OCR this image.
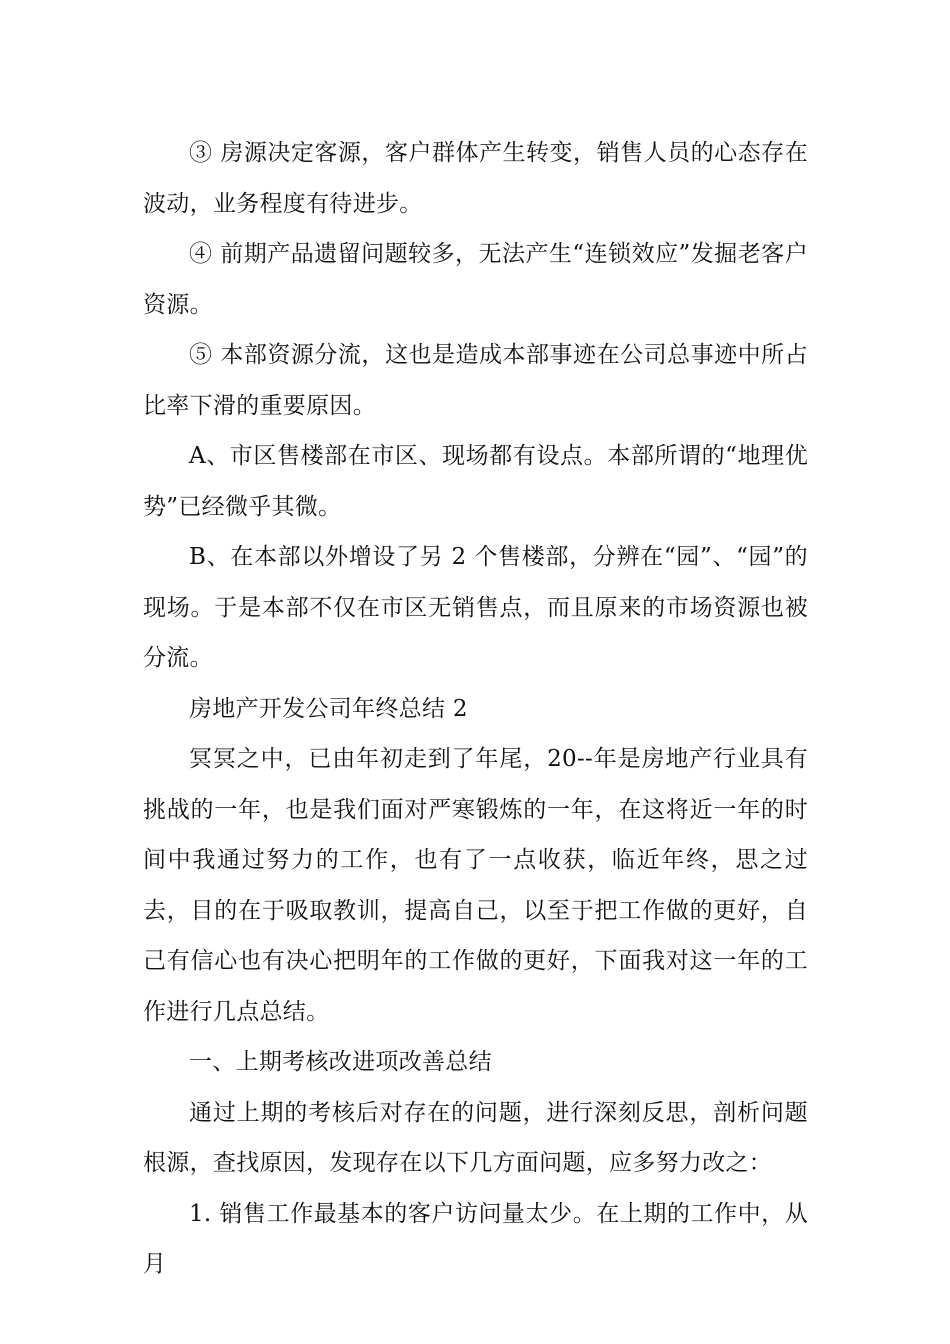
③ 房源决定客源，客户群体产生转变，销售人员的心态存在波动，业务程度有待进步。

④ 前期产品遗留问题较多，无法产生“连锁效应”发掘老客户资源。

⑤ 本部资源分流，这也是造成本部事迹在公司总事迹中所占比率下滑的重要原因。

A、市区售楼部在市区、现场都有设点。本部所谓的“地理优势”已经微乎其微。

B、在本部以外增设了另 2 个售楼部，分辨在“园”、“园”的现场。于是本部不仅在市区无销售点，而且原来的市场资源也被分流。

房地产开发公司年终总结 2

冥冥之中，已由年初走到了年尾，20--年是房地产行业具有挑战的一年，也是我们面对严寒锻炼的一年，在这将近一年的时间中我通过努力的工作，也有了一点收获，临近年终，思之过去，目的在于吸取教训，提高自己，以至于把工作做的更好，自己有信心也有决心把明年的工作做的更好，下面我对这一年的工作进行几点总结。

一、上期考核改进项改善总结

通过上期的考核后对存在的问题，进行深刻反思，剖析问题根源，查找原因，发现存在以下几方面问题，应多努力改之：

1. 销售工作最基本的客户访问量太少。在上期的工作中，从月
